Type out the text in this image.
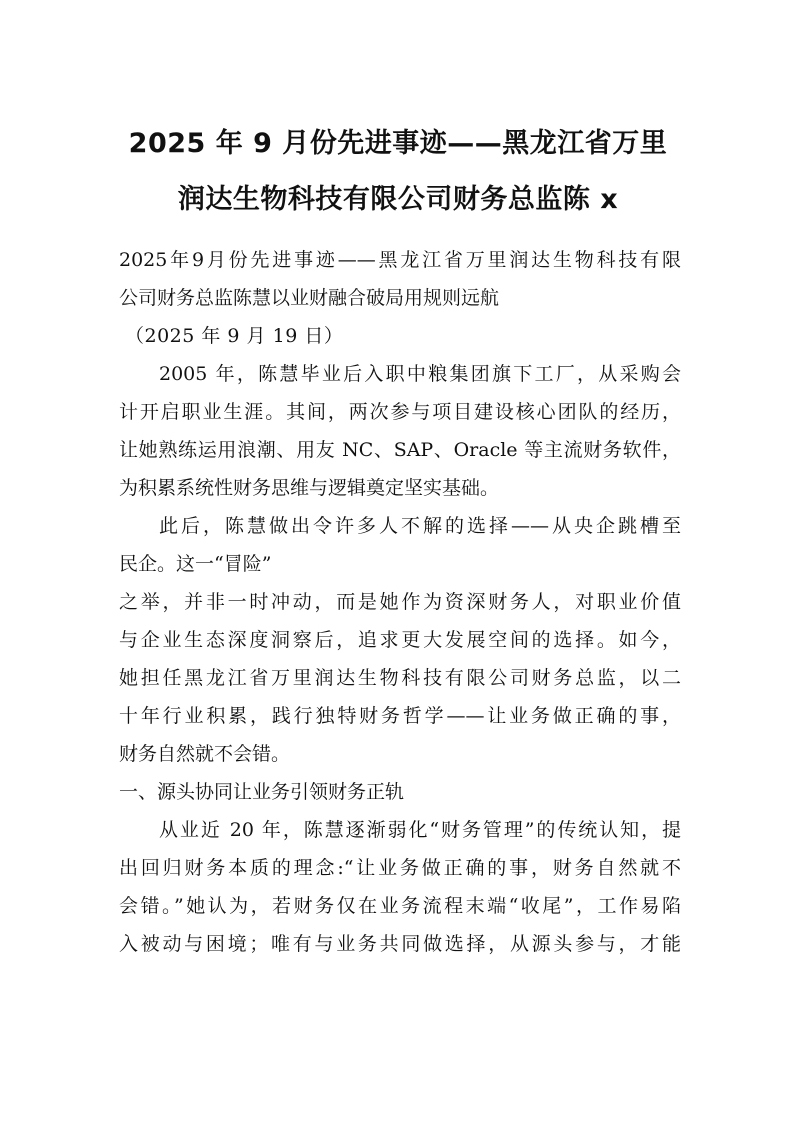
2025 年 9 月份先进事迹——黑龙江省万里
润达生物科技有限公司财务总监陈 x

2025年9月份先进事迹——黑龙江省万里润达生物科技有限
公司财务总监陈慧以业财融合破局用规则远航

（2025 年 9 月 19 日）

2005 年，陈慧毕业后入职中粮集团旗下工厂，从采购会
计开启职业生涯。其间，两次参与项目建设核心团队的经历，
让她熟练运用浪潮、用友 NC、SAP、Oracle 等主流财务软件，
为积累系统性财务思维与逻辑奠定坚实基础。

此后，陈慧做出令许多人不解的选择——从央企跳槽至
民企。这一“冒险”

之举，并非一时冲动，而是她作为资深财务人，对职业价值
与企业生态深度洞察后，追求更大发展空间的选择。如今，
她担任黑龙江省万里润达生物科技有限公司财务总监，以二
十年行业积累，践行独特财务哲学——让业务做正确的事，
财务自然就不会错。

一、源头协同让业务引领财务正轨

从业近 20 年，陈慧逐渐弱化“财务管理”的传统认知，提
出回归财务本质的理念:“让业务做正确的事，财务自然就不
会错。”她认为，若财务仅在业务流程末端“收尾”，工作易陷
入被动与困境；唯有与业务共同做选择，从源头参与，才能
